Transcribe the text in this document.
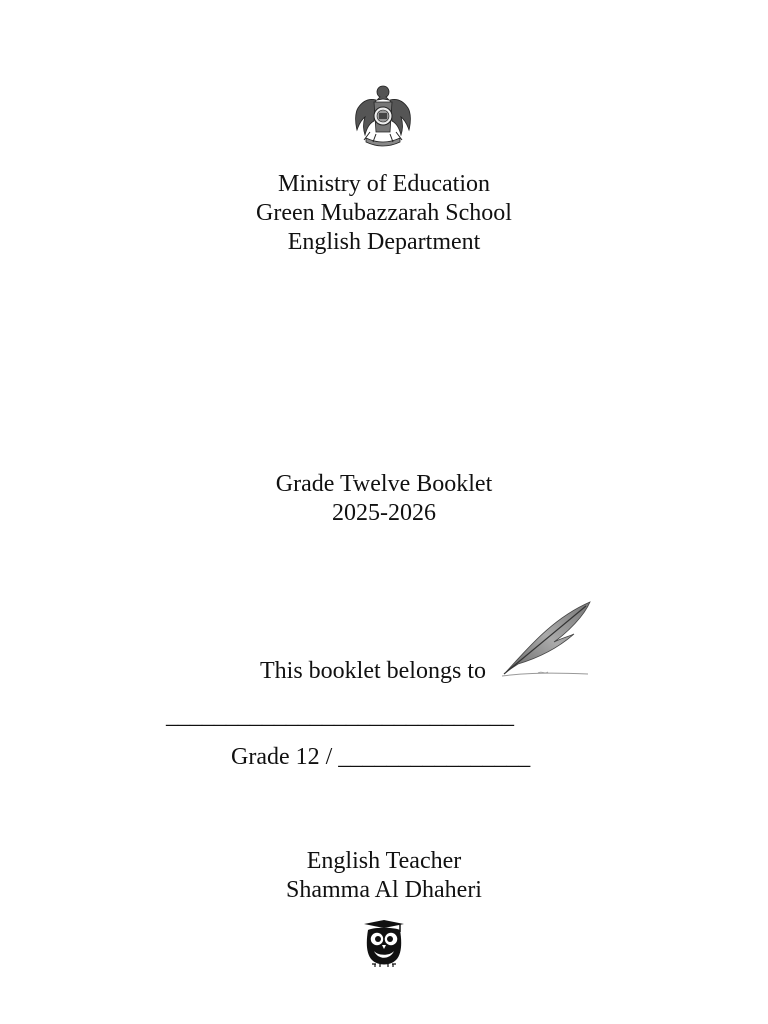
Ministry of Education
Green Mubazzarah School
English Department
Grade Twelve Booklet
2025-2026
This booklet belongs to
_____________________________
Grade 12 / ________________
English Teacher
Shamma Al Dhaheri
